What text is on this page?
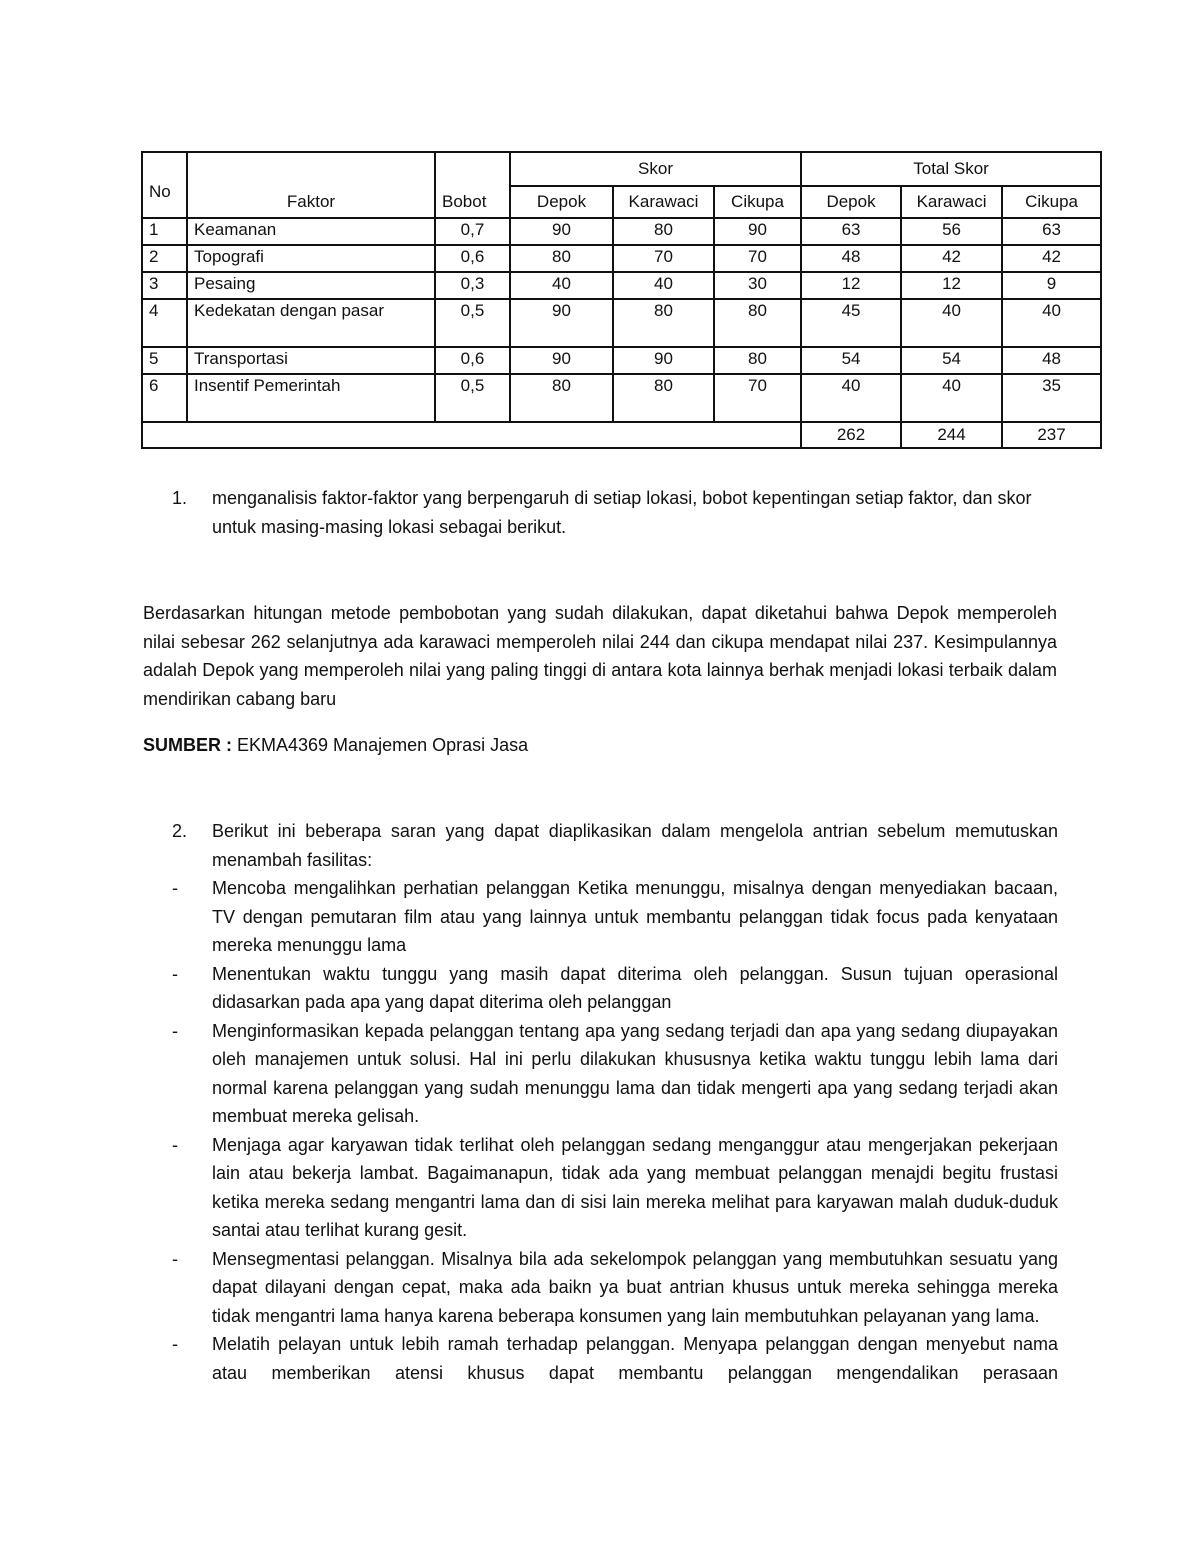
No	Faktor	Bobot	Skor			Total Skor		
			Depok	Karawaci	Cikupa	Depok	Karawaci	Cikupa
1	Keamanan	0,7	90	80	90	63	56	63
2	Topografi	0,6	80	70	70	48	42	42
3	Pesaing	0,3	40	40	30	12	12	9
4	Kedekatan dengan pasar	0,5	90	80	80	45	40	40
5	Transportasi	0,6	90	90	80	54	54	48
6	Insentif Pemerintah	0,5	80	80	70	40	40	35
						262	244	237
1. menganalisis faktor-faktor yang berpengaruh di setiap lokasi, bobot kepentingan setiap faktor, dan skor untuk masing-masing lokasi sebagai berikut.
Berdasarkan hitungan metode pembobotan yang sudah dilakukan, dapat diketahui bahwa Depok memperoleh nilai sebesar 262 selanjutnya ada karawaci memperoleh nilai 244 dan cikupa mendapat nilai 237. Kesimpulannya adalah Depok yang memperoleh nilai yang paling tinggi di antara kota lainnya berhak menjadi lokasi terbaik dalam mendirikan cabang baru
SUMBER : EKMA4369 Manajemen Oprasi Jasa
2. Berikut ini beberapa saran yang dapat diaplikasikan dalam mengelola antrian sebelum memutuskan menambah fasilitas:
- Mencoba mengalihkan perhatian pelanggan Ketika menunggu, misalnya dengan menyediakan bacaan, TV dengan pemutaran film atau yang lainnya untuk membantu pelanggan tidak focus pada kenyataan mereka menunggu lama
- Menentukan waktu tunggu yang masih dapat diterima oleh pelanggan. Susun tujuan operasional didasarkan pada apa yang dapat diterima oleh pelanggan
- Menginformasikan kepada pelanggan tentang apa yang sedang terjadi dan apa yang sedang diupayakan oleh manajemen untuk solusi. Hal ini perlu dilakukan khususnya ketika waktu tunggu lebih lama dari normal karena pelanggan yang sudah menunggu lama dan tidak mengerti apa yang sedang terjadi akan membuat mereka gelisah.
- Menjaga agar karyawan tidak terlihat oleh pelanggan sedang menganggur atau mengerjakan pekerjaan lain atau bekerja lambat. Bagaimanapun, tidak ada yang membuat pelanggan menajdi begitu frustasi ketika mereka sedang mengantri lama dan di sisi lain mereka melihat para karyawan malah duduk-duduk santai atau terlihat kurang gesit.
- Mensegmentasi pelanggan. Misalnya bila ada sekelompok pelanggan yang membutuhkan sesuatu yang dapat dilayani dengan cepat, maka ada baikn ya buat antrian khusus untuk mereka sehingga mereka tidak mengantri lama hanya karena beberapa konsumen yang lain membutuhkan pelayanan yang lama.
- Melatih pelayan untuk lebih ramah terhadap pelanggan. Menyapa pelanggan dengan menyebut nama atau memberikan atensi khusus dapat membantu pelanggan mengendalikan perasaan
